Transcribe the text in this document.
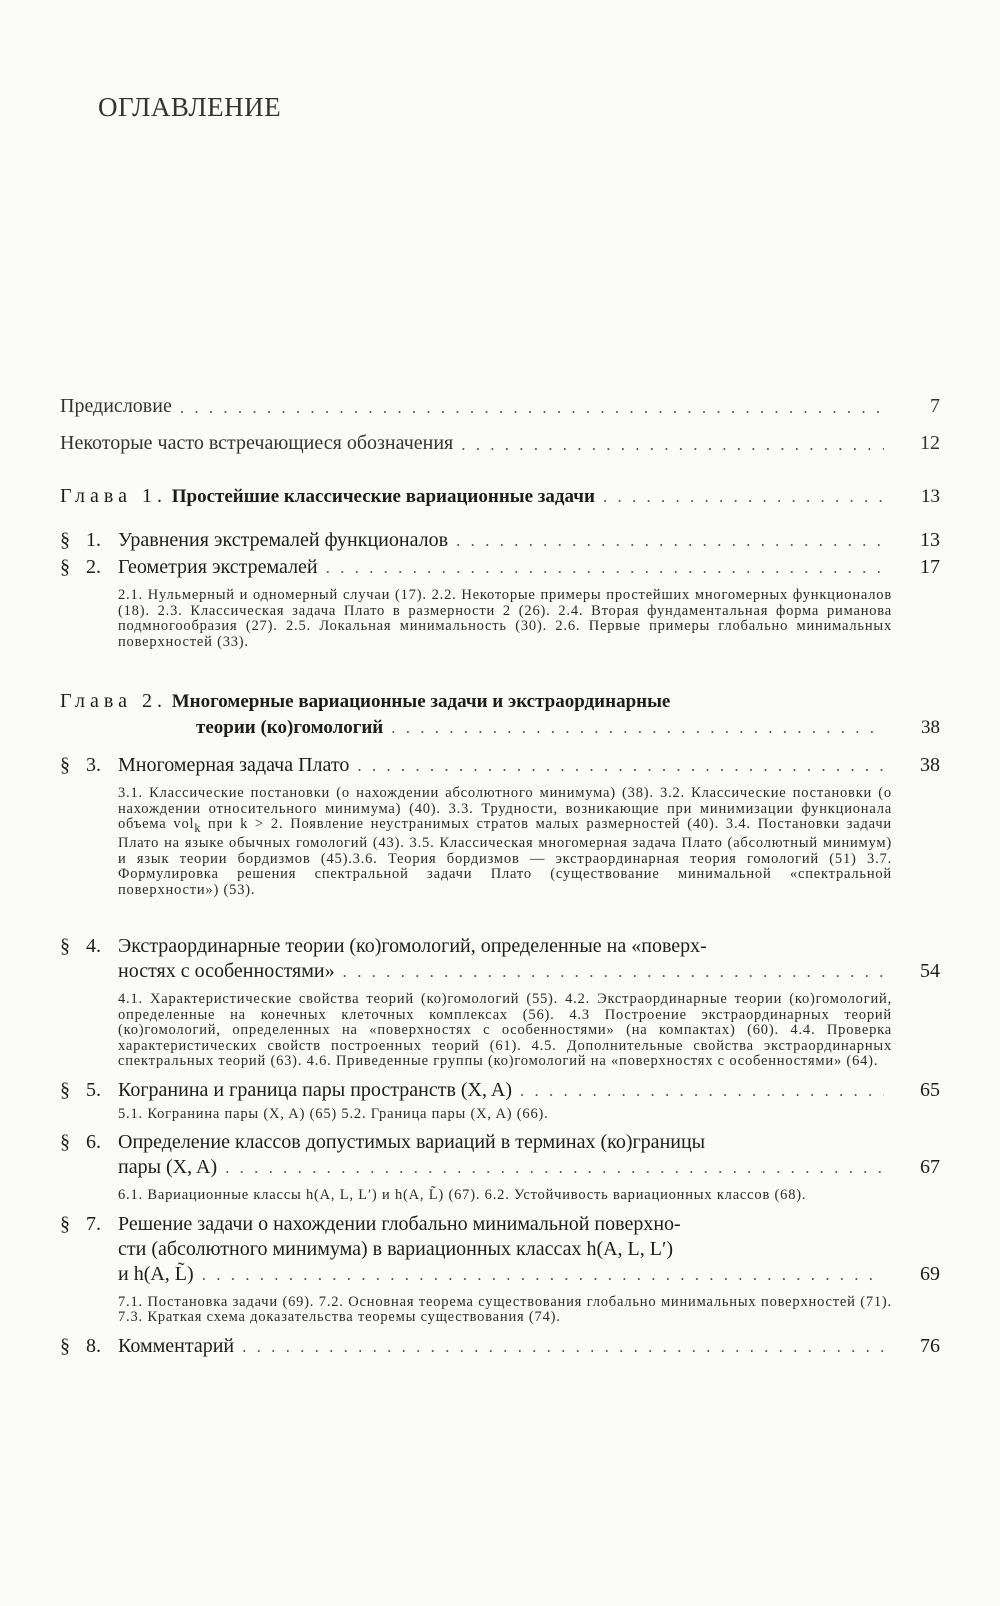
ОГЛАВЛЕНИЕ
Предисловие . . .	7
Некоторые часто встречающиеся обозначения . . .	12
Глава 1. Простейшие классические вариационные задачи . . .	13
§ 1. Уравнения экстремалей функционалов . . .	13
§ 2. Геометрия экстремалей . . .	17
2.1. Нульмерный и одномерный случаи (17). 2.2. Некоторые примеры простейших многомерных функционалов (18). 2.3. Классическая задача Плато в размерности 2 (26). 2.4. Вторая фундаментальная форма риманова подмногообразия (27). 2.5. Локальная минимальность (30). 2.6. Первые примеры глобально минимальных поверхностей (33).
Глава 2. Многомерные вариационные задачи и экстраординарные
теории (ко)гомологий . . .	38
§ 3. Многомерная задача Плато . . .	38
3.1. Классические постановки (о нахождении абсолютного минимума) (38). 3.2. Классические постановки (о нахождении относительного минимума) (40). 3.3. Трудности, возникающие при минимизации функционала объема vol$_k$ при k > 2. Появление неустранимых стратов малых размерностей (40). 3.4. Постановки задачи Плато на языке обычных гомологий (43). 3.5. Классическая многомерная задача Плато (абсолютный минимум) и язык теории бордизмов (45).3.6. Теория бордизмов — экстраординарная теория гомологий (51) 3.7. Формулировка решения спектральной задачи Плато (существование минимальной «спектральной поверхности») (53).
§ 4. Экстраординарные теории (ко)гомологий, определенные на «поверх-
ностях с особенностями» . . .	54
4.1. Характеристические свойства теорий (ко)гомологий (55). 4.2. Экстраординарные теории (ко)гомологий, определенные на конечных клеточных комплексах (56). 4.3 Построение экстраординарных теорий (ко)гомологий, определенных на «поверхностях с особенностями» (на компактах) (60). 4.4. Проверка характеристических свойств построенных теорий (61). 4.5. Дополнительные свойства экстраординарных спектральных теорий (63). 4.6. Приведенные группы (ко)гомологий на «поверхностях с особенностями» (64).
§ 5. Когранина и граница пары пространств (X, A) . . .	65
5.1. Когранина пары (X, A) (65) 5.2. Граница пары (X, A) (66).
§ 6. Определение классов допустимых вариаций в терминах (ко)границы
пары (X, A) . . .	67
6.1. Вариационные классы h(A, L, L′) и h(A, L̃) (67). 6.2. Устойчивость вариационных классов (68).
§ 7. Решение задачи о нахождении глобально минимальной поверхно-
сти (абсолютного минимума) в вариационных классах h(A, L, L′)
и h(A, L̃) . . .	69
7.1. Постановка задачи (69). 7.2. Основная теорема существования глобально минимальных поверхностей (71). 7.3. Краткая схема доказательства теоремы существования (74).
§ 8. Комментарий . . .	76
